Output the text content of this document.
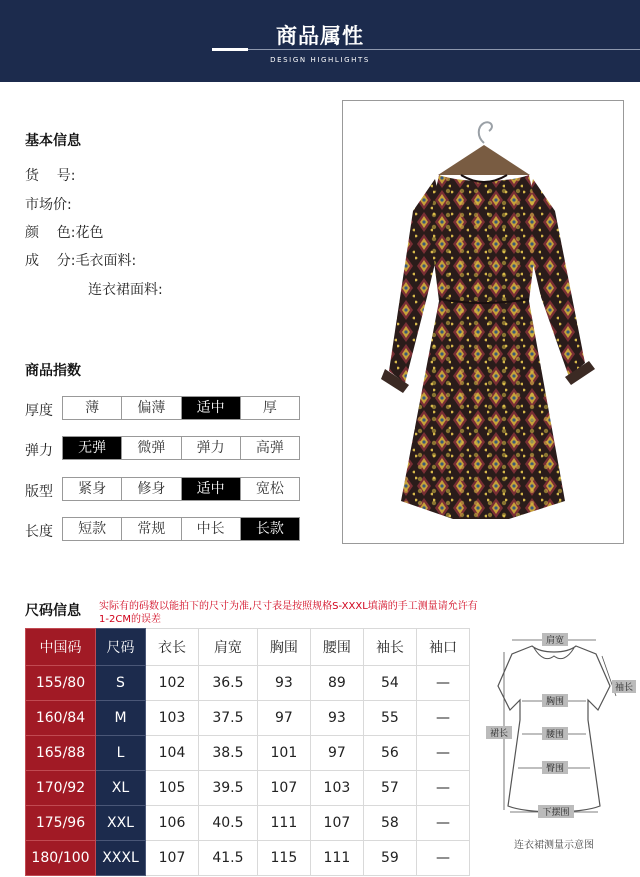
商品属性
DESIGN HIGHLIGHTS
基本信息
货    号:
市场价:
颜    色:花色
成    分:毛衣面料:
连衣裙面料:
商品指数
厚度	薄	偏薄	适中	厚
弹力	无弹	微弹	弹力	高弹
版型	紧身	修身	适中	宽松
长度	短款	常规	中长	长款
尺码信息 实际有的码数以能拍下的尺寸为准,尺寸表是按照规格S-XXXL填满的手工测量请允许有1-2CM的误差
中国码	尺码	衣长	肩宽	胸围	腰围	袖长	袖口
155/80	S	102	36.5	93	89	54	—
160/84	M	103	37.5	97	93	55	—
165/88	L	104	38.5	101	97	56	—
170/92	XL	105	39.5	107	103	57	—
175/96	XXL	106	40.5	111	107	58	—
180/100	XXXL	107	41.5	115	111	59	—
肩宽
袖长
胸围
腰围
臀围
裙长
下摆围
连衣裙测量示意图
